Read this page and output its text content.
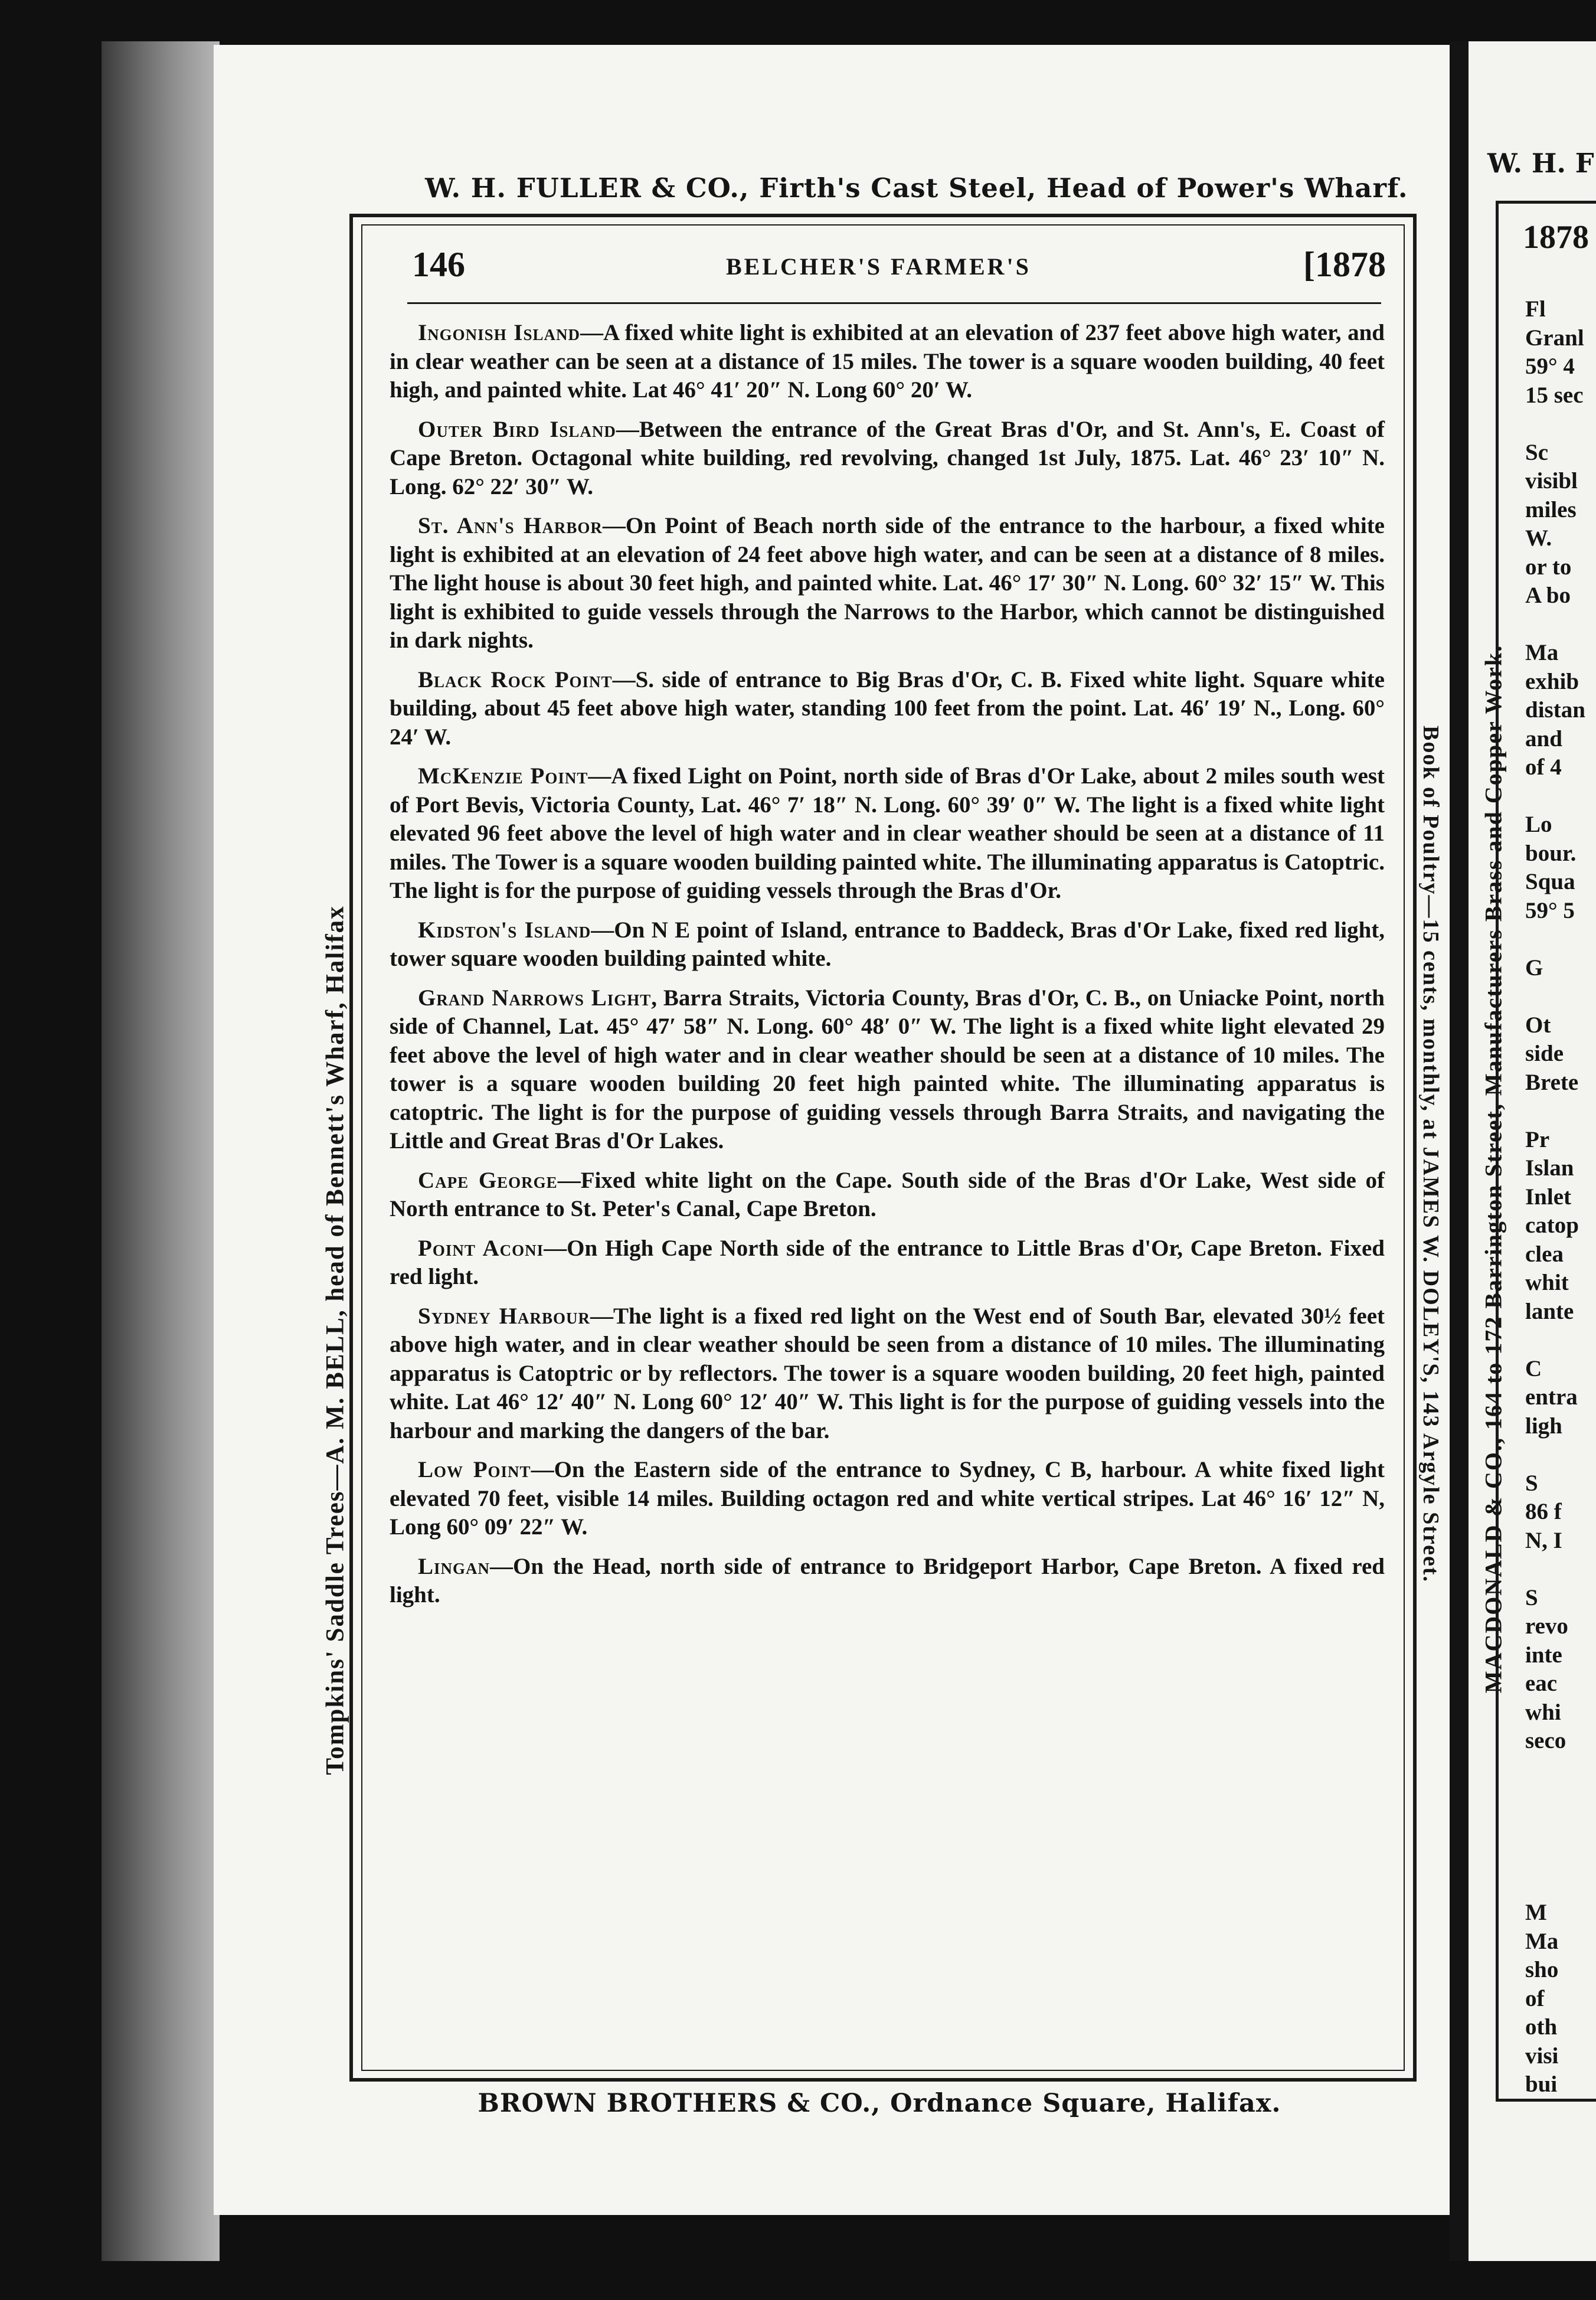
W. H. FULLER & CO., Firth's Cast Steel, Head of Power's Wharf.
Tompkins' Saddle Trees—A. M. BELL, head of Bennett's Wharf, Halifax	Book of Poultry—15 cents, monthly, at JAMES W. DOLEY'S, 143 Argyle Street.
146	BELCHER'S FARMER'S	[1878

Ingonish Island—A fixed white light is exhibited at an elevation of 237 feet above high water, and in clear weather can be seen at a distance of 15 miles. The tower is a square wooden building, 40 feet high, and painted white. Lat 46° 41′ 20″ N. Long 60° 20′ W.

Outer Bird Island—Between the entrance of the Great Bras d'Or, and St. Ann's, E. Coast of Cape Breton. Octagonal white building, red revolving, changed 1st July, 1875. Lat. 46° 23′ 10″ N. Long. 62° 22′ 30″ W.

St. Ann's Harbor—On Point of Beach north side of the entrance to the harbour, a fixed white light is exhibited at an elevation of 24 feet above high water, and can be seen at a distance of 8 miles. The light house is about 30 feet high, and painted white. Lat. 46° 17′ 30″ N. Long. 60° 32′ 15″ W. This light is exhibited to guide vessels through the Narrows to the Harbor, which cannot be distinguished in dark nights.

Black Rock Point—S. side of entrance to Big Bras d'Or, C. B. Fixed white light. Square white building, about 45 feet above high water, standing 100 feet from the point. Lat. 46′ 19′ N., Long. 60° 24′ W.

McKenzie Point—A fixed Light on Point, north side of Bras d'Or Lake, about 2 miles south west of Port Bevis, Victoria County, Lat. 46° 7′ 18″ N. Long. 60° 39′ 0″ W. The light is a fixed white light elevated 96 feet above the level of high water and in clear weather should be seen at a distance of 11 miles. The Tower is a square wooden building painted white. The illuminating apparatus is Catoptric. The light is for the purpose of guiding vessels through the Bras d'Or.

Kidston's Island—On N E point of Island, entrance to Baddeck, Bras d'Or Lake, fixed red light, tower square wooden building painted white.

Grand Narrows Light, Barra Straits, Victoria County, Bras d'Or, C. B., on Uniacke Point, north side of Channel, Lat. 45° 47′ 58″ N. Long. 60° 48′ 0″ W. The light is a fixed white light elevated 29 feet above the level of high water and in clear weather should be seen at a distance of 10 miles. The tower is a square wooden building 20 feet high painted white. The illuminating apparatus is catoptric. The light is for the purpose of guiding vessels through Barra Straits, and navigating the Little and Great Bras d'Or Lakes.

Cape George—Fixed white light on the Cape. South side of the Bras d'Or Lake, West side of North entrance to St. Peter's Canal, Cape Breton.

Point Aconi—On High Cape North side of the entrance to Little Bras d'Or, Cape Breton. Fixed red light.

Sydney Harbour—The light is a fixed red light on the West end of South Bar, elevated 30½ feet above high water, and in clear weather should be seen from a distance of 10 miles. The illuminating apparatus is Catoptric or by reflectors. The tower is a square wooden building, 20 feet high, painted white. Lat 46° 12′ 40″ N. Long 60° 12′ 40″ W. This light is for the purpose of guiding vessels into the harbour and marking the dangers of the bar.

Low Point—On the Eastern side of the entrance to Sydney, C B, harbour. A white fixed light elevated 70 feet, visible 14 miles. Building octagon red and white vertical stripes. Lat 46° 16′ 12″ N, Long 60° 09′ 22″ W.

Lingan—On the Head, north side of entrance to Bridgeport Harbor, Cape Breton. A fixed red light.

BROWN BROTHERS & CO., Ordnance Square, Halifax.
W. H. F
1878
MACDONALD & CO., 164 to 172 Barrington Street, Manufacturers Brass and Copper Work.
Fl
Granl
59° 4
15 sec
Sc
visibl
miles
W.
or to
A bo
Ma
exhib
distan
and
of 4
Lo
bour.
Squa
59° 5
G
Ot
side
Brete
Pr
Islan
Inlet
catop
clea
whit
lante
C
entra
ligh
S
86 f
N, I
S
revo
inte
eac
whi
seco
M
Ma
sho
of
oth
visi
bui
